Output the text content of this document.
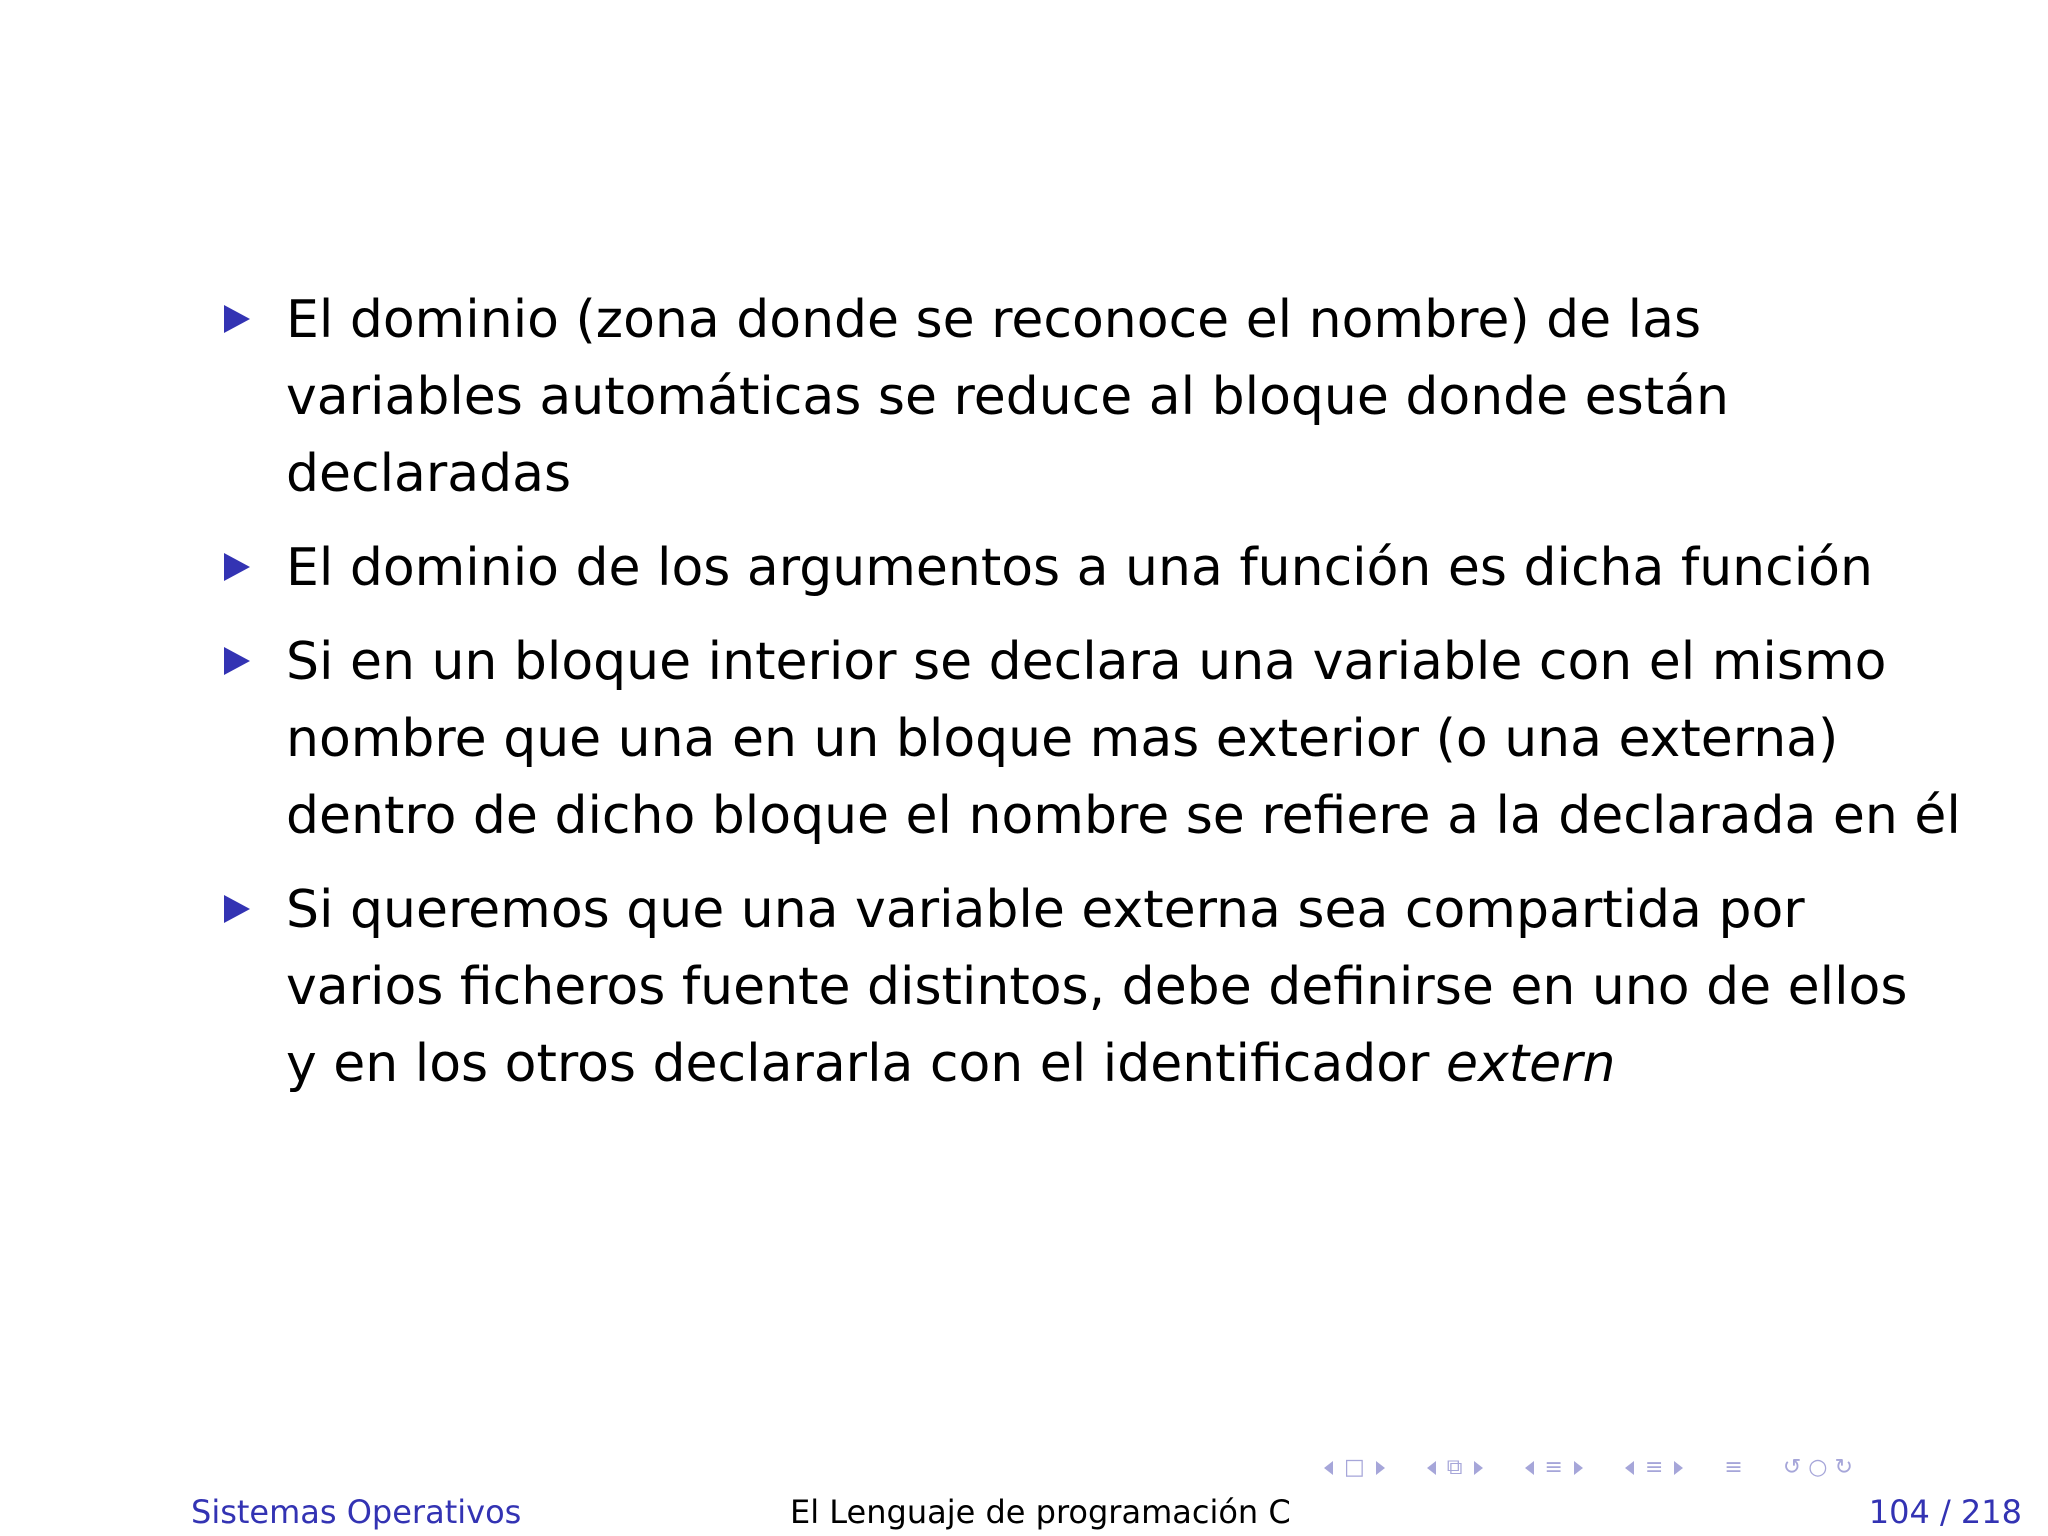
El dominio (zona donde se reconoce el nombre) de las
variables automáticas se reduce al bloque donde están
declaradas
El dominio de los argumentos a una función es dicha función
Si en un bloque interior se declara una variable con el mismo
nombre que una en un bloque mas exterior (o una externa)
dentro de dicho bloque el nombre se refiere a la declarada en él
Si queremos que una variable externa sea compartida por
varios ficheros fuente distintos, debe definirse en uno de ellos
y en los otros declararla con el identificador extern
□	⧉	≡	≡	≡ ↺ ○ ↻
Sistemas Operativos	El Lenguaje de programación C	104 / 218
